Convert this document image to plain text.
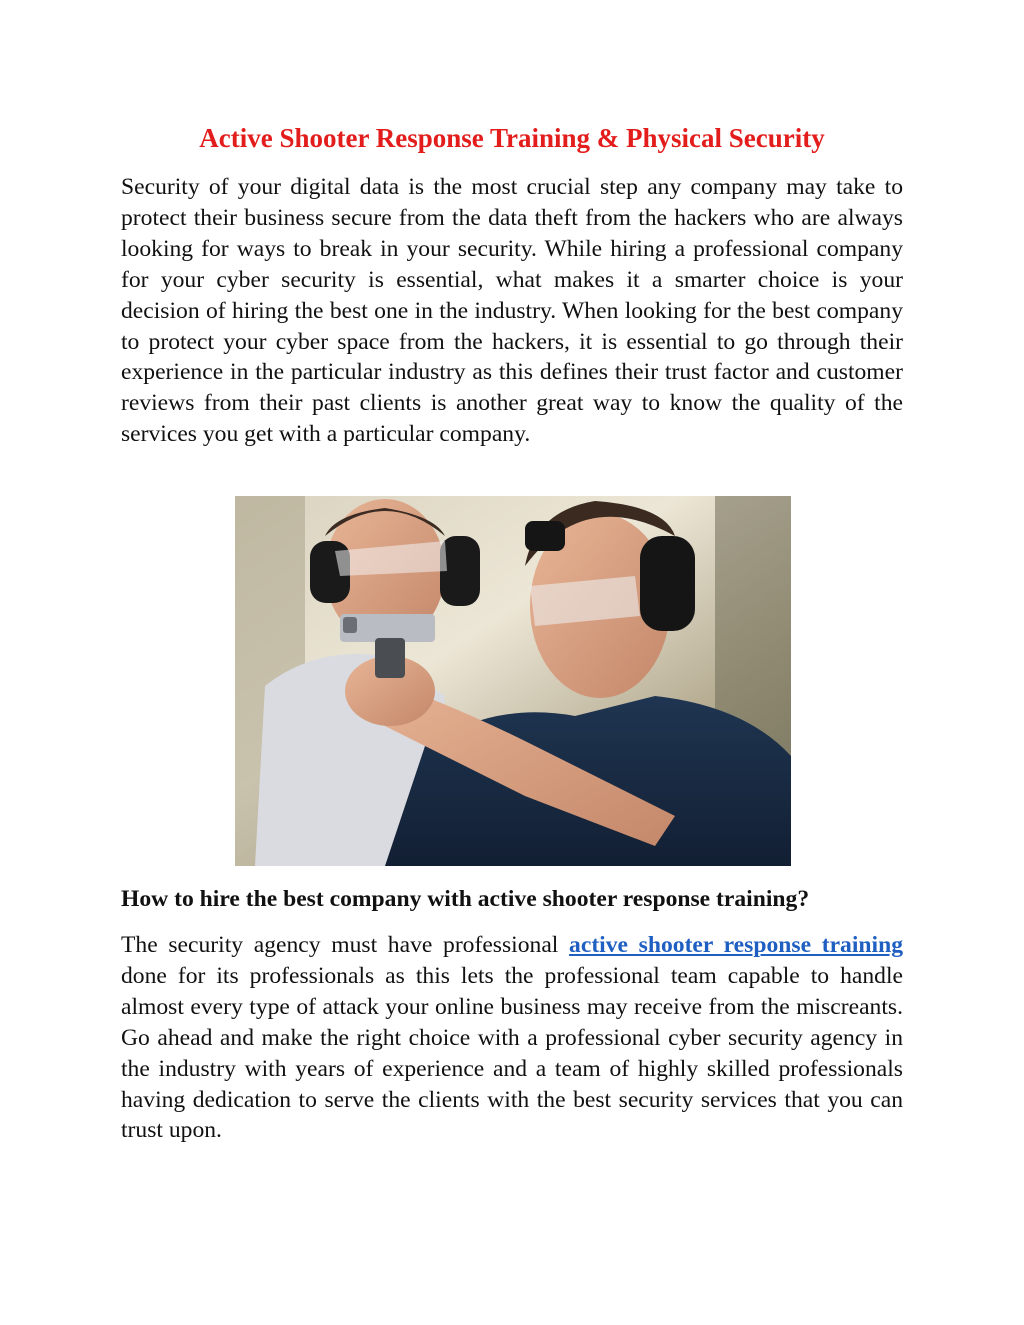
Active Shooter Response Training & Physical Security

Security of your digital data is the most crucial step any company may take to protect their business secure from the data theft from the hackers who are always looking for ways to break in your security. While hiring a professional company for your cyber security is essential, what makes it a smarter choice is your decision of hiring the best one in the industry. When looking for the best company to protect your cyber space from the hackers, it is essential to go through their experience in the particular industry as this defines their trust factor and customer reviews from their past clients is another great way to know the quality of the services you get with a particular company.

How to hire the best company with active shooter response training?

The security agency must have professional active shooter response training done for its professionals as this lets the professional team capable to handle almost every type of attack your online business may receive from the miscreants. Go ahead and make the right choice with a professional cyber security agency in the industry with years of experience and a team of highly skilled professionals having dedication to serve the clients with the best security services that you can trust upon.
